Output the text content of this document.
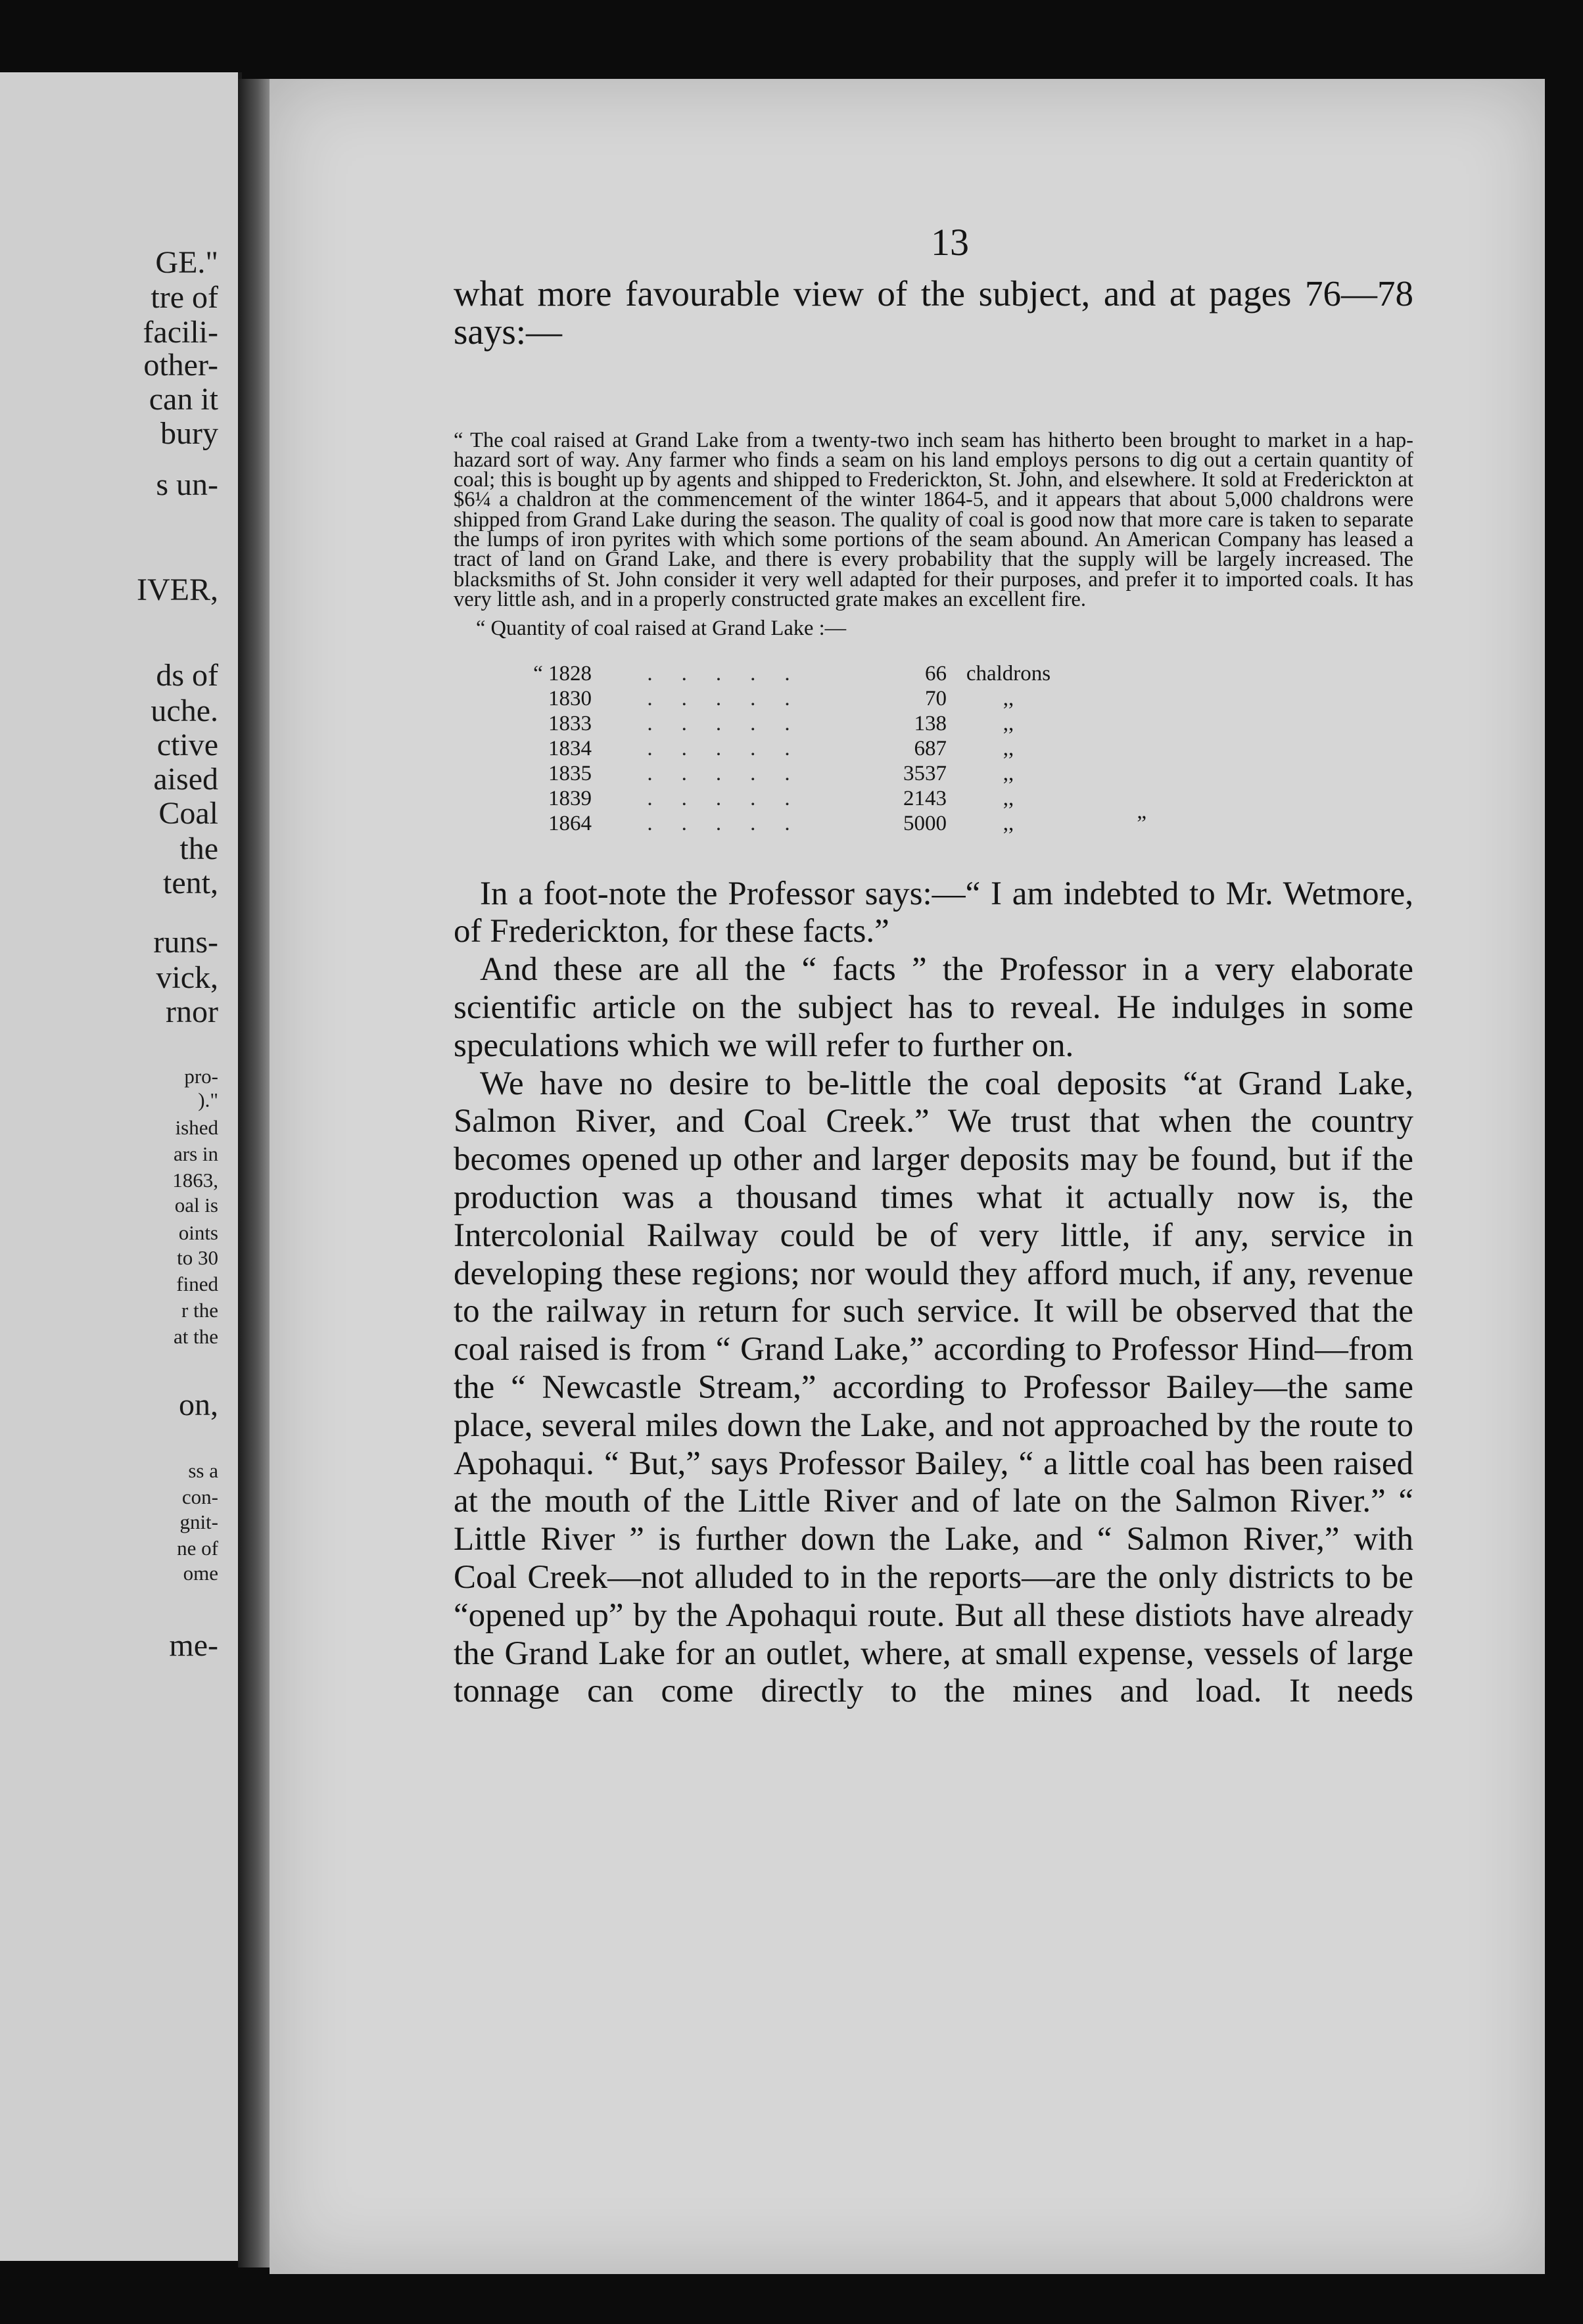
GE."

tre of

facili-

other-

can it

bury

s un-

IVER,

ds of

uche.

ctive

aised

Coal

the

tent,

runs-

vick,

rnor

pro-

)."

ished

ars in

1863,

oal is

oints

to 30

fined

r the

at the

on,

ss a

con-

gnit-

ne of

ome

me-

13

what more favourable view of the subject, and at pages 76—78 says:—

“ The coal raised at Grand Lake from a twenty-two inch seam has hitherto been brought to market in a hap-hazard sort of way. Any farmer who finds a seam on his land employs persons to dig out a certain quantity of coal; this is bought up by agents and shipped to Frederickton, St. John, and elsewhere. It sold at Frederickton at $6¼ a chaldron at the commencement of the winter 1864-5, and it appears that about 5,000 chaldrons were shipped from Grand Lake during the season. The quality of coal is good now that more care is taken to separate the lumps of iron pyrites with which some portions of the seam abound. An American Company has leased a tract of land on Grand Lake, and there is every probability that the supply will be largely increased. The blacksmiths of St. John consider it very well adapted for their purposes, and prefer it to imported coals. It has very little ash, and in a properly constructed grate makes an excellent fire.

“ Quantity of coal raised at Grand Lake :—

“ 1828	.....	66	chaldrons	
1830	.....	70	,,	
1833	.....	138	,,	
1834	.....	687	,,	
1835	.....	3537	,,	
1839	.....	2143	,,	
1864	.....	5000	,,	”

In a foot-note the Professor says:—“ I am indebted to Mr. Wetmore, of Frederickton, for these facts.”

And these are all the “ facts ” the Professor in a very elaborate scientific article on the subject has to reveal. He indulges in some speculations which we will refer to further on.

We have no desire to be-little the coal deposits “at Grand Lake, Salmon River, and Coal Creek.” We trust that when the country becomes opened up other and larger deposits may be found, but if the production was a thousand times what it actually now is, the Intercolonial Railway could be of very little, if any, service in developing these regions; nor would they afford much, if any, revenue to the railway in return for such service. It will be observed that the coal raised is from “ Grand Lake,” according to Professor Hind—from the “ Newcastle Stream,” according to Professor Bailey—the same place, several miles down the Lake, and not approached by the route to Apohaqui. “ But,” says Professor Bailey, “ a little coal has been raised at the mouth of the Little River and of late on the Salmon River.” “ Little River ” is further down the Lake, and “ Salmon River,” with Coal Creek—not alluded to in the reports—are the only districts to be “opened up” by the Apohaqui route. But all these distiots have already the Grand Lake for an outlet, where, at small expense, vessels of large tonnage can come directly to the mines and load. It needs
